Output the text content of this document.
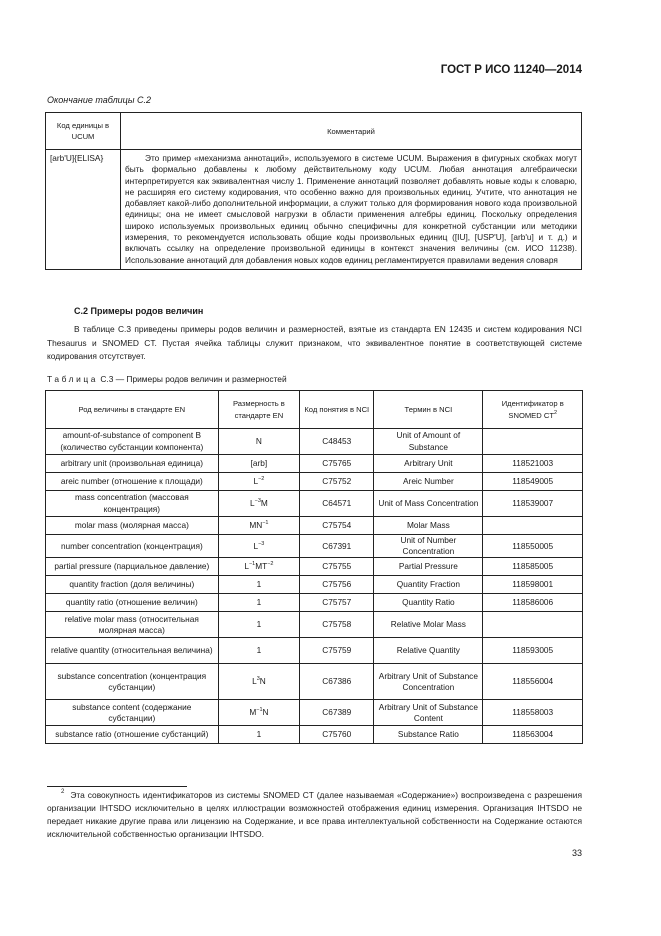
ГОСТ Р ИСО 11240—2014
Окончание таблицы С.2
Код единицы в UCUM	Комментарий
[arb'U]{ELISA}	Это пример «механизма аннотаций», используемого в системе UCUM. Выражения в фигурных скобках могут быть формально добавлены к любому действительному коду UCUM. Любая аннотация алгебраически интерпретируется как эквивалентная числу 1. Применение аннотаций позволяет добавлять новые коды к словарю, не расширяя его систему кодирования, что особенно важно для произвольных единиц. Учтите, что аннотация не добавляет какой-либо дополнительной информации, а служит только для формирования нового кода произвольной единицы; она не имеет смысловой нагрузки в области применения алгебры единиц. Поскольку определения широко используемых произвольных единиц обычно специфичны для конкретной субстанции или методики измерения, то рекомендуется использовать общие коды произвольных единиц ([IU], [USP'U], [arb'u] и т. д.) и включать ссылку на определение произвольной единицы в контекст значения величины (см. ИСО 11238). Использование аннотаций для добавления новых кодов единиц регламентируется правилами ведения словаря
С.2 Примеры родов величин
В таблице С.3 приведены примеры родов величин и размерностей, взятые из стандарта EN 12435 и систем кодирования NCI Thesaurus и SNOMED CT. Пустая ячейка таблицы служит признаком, что эквивалентное понятие в соответствующей системе кодирования отсутствует.
Таблица С.3 — Примеры родов величин и размерностей
Род величины в стандарте EN	Размерность в стандарте EN	Код понятия в NCI	Термин в NCI	Идентификатор в SNOMED $CT^2$
amount-of-substance of component B (количество субстанции компонента)	N	C48453	Unit of Amount of Substance	
arbitrary unit (произвольная единица)	[arb]	C75765	Arbitrary Unit	118521003
areic number (отношение к площади)	$L^{-2}$	C75752	Areic Number	118549005
mass concentration (массовая концентрация)	$L^{-3}M$	C64571	Unit of Mass Concentration	118539007
molar mass (молярная масса)	$MN^{-1}$	C75754	Molar Mass	
number concentration (концентрация)	$L^{-3}$	C67391	Unit of Number Concentration	118550005
partial pressure (парциальное давление)	$L^{-1}MT^{-2}$	C75755	Partial Pressure	118585005
quantity fraction (доля величины)	1	C75756	Quantity Fraction	118598001
quantity ratio (отношение величин)	1	C75757	Quantity Ratio	118586006
relative molar mass (относительная молярная масса)	1	C75758	Relative Molar Mass	
relative quantity (относительная величина)	1	C75759	Relative Quantity	118593005
substance concentration (концентрация субстанции)	$L^3N$	C67386	Arbitrary Unit of Substance Concentration	118556004
substance content (содержание субстанции)	$M^{-1}N$	C67389	Arbitrary Unit of Substance Content	118558003
substance ratio (отношение субстанций)	1	C75760	Substance Ratio	118563004
$^2$ Эта совокупность идентификаторов из системы SNOMED CT (далее называемая «Содержание») воспроизведена с разрешения организации IHTSDO исключительно в целях иллюстрации возможностей отображения единиц измерения. Организация IHTSDO не передает никакие другие права или лицензию на Содержание, и все права интеллектуальной собственности на Содержание остаются исключительной собственностью организации IHTSDO.
33
